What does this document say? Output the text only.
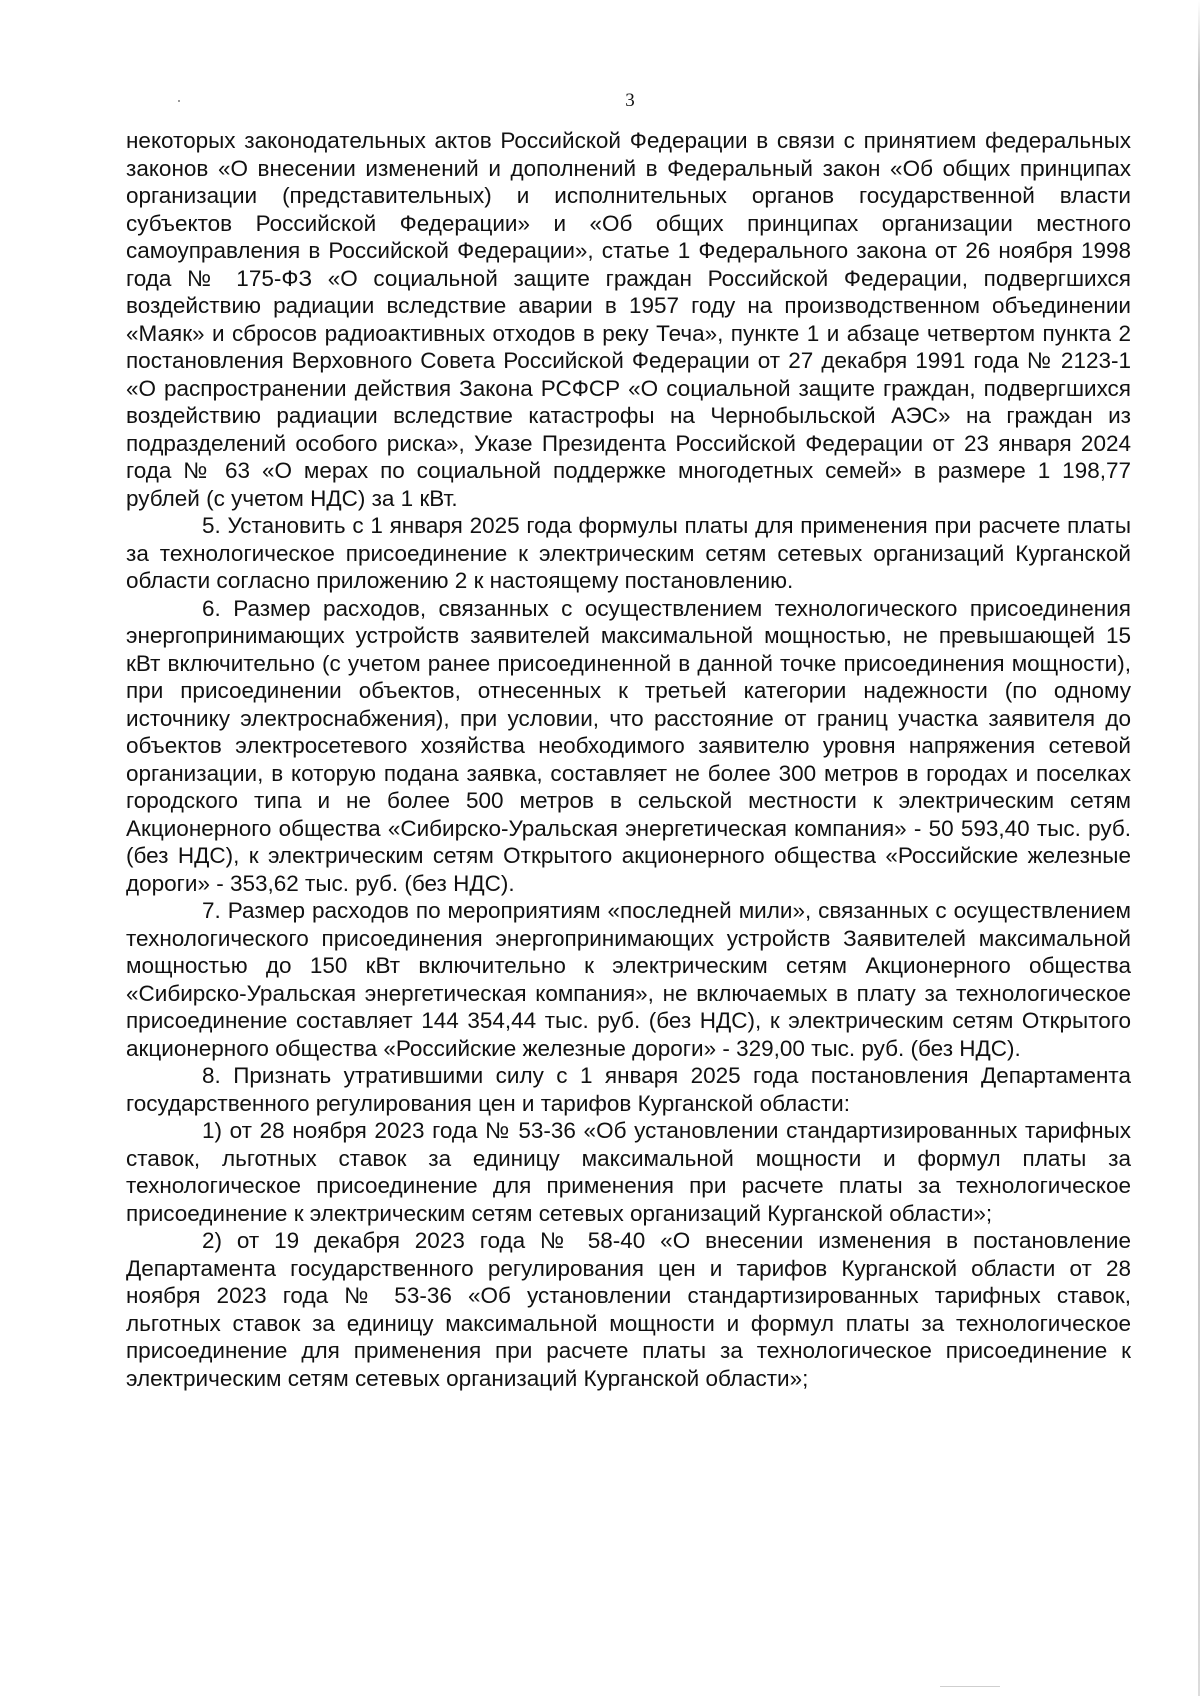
3

некоторых законодательных актов Российской Федерации в связи с принятием федеральных законов «О внесении изменений и дополнений в Федеральный закон «Об общих принципах организации (представительных) и исполнительных органов государственной власти субъектов Российской Федерации» и «Об общих принципах организации местного самоуправления в Российской Федерации», статье 1 Федерального закона от 26 ноября 1998 года № 175-ФЗ «О социальной защите граждан Российской Федерации, подвергшихся воздействию радиации вследствие аварии в 1957 году на производственном объединении «Маяк» и сбросов радиоактивных отходов в реку Теча», пункте 1 и абзаце четвертом пункта 2 постановления Верховного Совета Российской Федерации от 27 декабря 1991 года № 2123-1 «О распространении действия Закона РСФСР «О социальной защите граждан, подвергшихся воздействию радиации вследствие катастрофы на Чернобыльской АЭС» на граждан из подразделений особого риска», Указе Президента Российской Федерации от 23 января 2024 года № 63 «О мерах по социальной поддержке многодетных семей» в размере 1 198,77 рублей (с учетом НДС) за 1 кВт.

5. Установить с 1 января 2025 года формулы платы для применения при расчете платы за технологическое присоединение к электрическим сетям сетевых организаций Курганской области согласно приложению 2 к настоящему постановлению.

6. Размер расходов, связанных с осуществлением технологического присоединения энергопринимающих устройств заявителей максимальной мощностью, не превышающей 15 кВт включительно (с учетом ранее присоединенной в данной точке присоединения мощности), при присоединении объектов, отнесенных к третьей категории надежности (по одному источнику электроснабжения), при условии, что расстояние от границ участка заявителя до объектов электросетевого хозяйства необходимого заявителю уровня напряжения сетевой организации, в которую подана заявка, составляет не более 300 метров в городах и поселках городского типа и не более 500 метров в сельской местности к электрическим сетям Акционерного общества «Сибирско-Уральская энергетическая компания» - 50 593,40 тыс. руб. (без НДС), к электрическим сетям Открытого акционерного общества «Российские железные дороги» - 353,62 тыс. руб. (без НДС).

7. Размер расходов по мероприятиям «последней мили», связанных с осуществлением технологического присоединения энергопринимающих устройств Заявителей максимальной мощностью до 150 кВт включительно к электрическим сетям Акционерного общества «Сибирско-Уральская энергетическая компания», не включаемых в плату за технологическое присоединение составляет 144 354,44 тыс. руб. (без НДС), к электрическим сетям Открытого акционерного общества «Российские железные дороги» - 329,00 тыс. руб. (без НДС).

8. Признать утратившими силу с 1 января 2025 года постановления Департамента государственного регулирования цен и тарифов Курганской области:

1) от 28 ноября 2023 года № 53-36 «Об установлении стандартизированных тарифных ставок, льготных ставок за единицу максимальной мощности и формул платы за технологическое присоединение для применения при расчете платы за технологическое присоединение к электрическим сетям сетевых организаций Курганской области»;

2) от 19 декабря 2023 года № 58-40 «О внесении изменения в постановление Департамента государственного регулирования цен и тарифов Курганской области от 28 ноября 2023 года № 53-36 «Об установлении стандартизированных тарифных ставок, льготных ставок за единицу максимальной мощности и формул платы за технологическое присоединение для применения при расчете платы за технологическое присоединение к электрическим сетям сетевых организаций Курганской области»;
